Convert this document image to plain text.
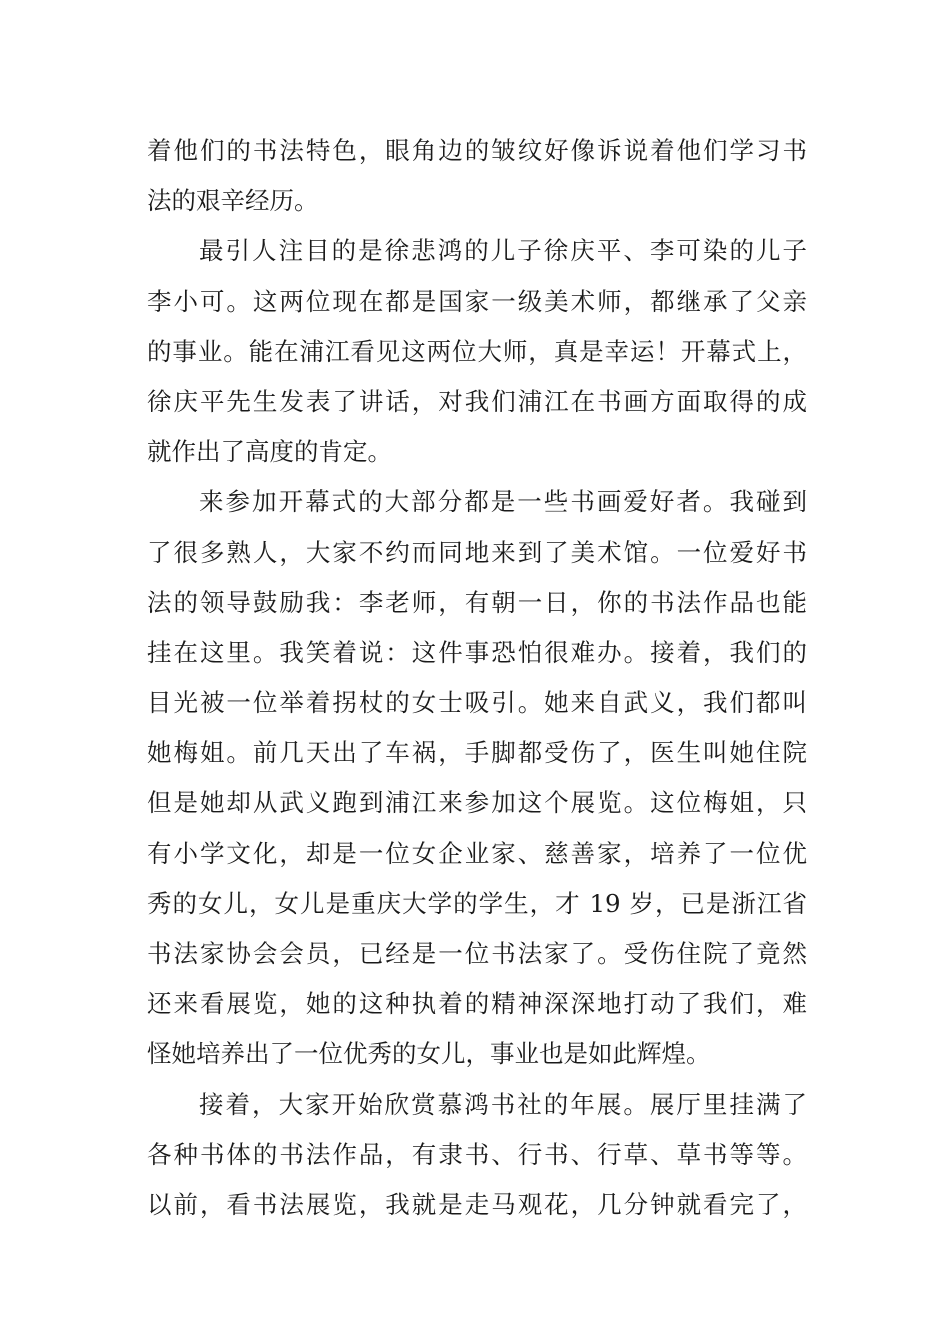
着他们的书法特色，眼角边的皱纹好像诉说着他们学习书
法的艰辛经历。
最引人注目的是徐悲鸿的儿子徐庆平、李可染的儿子
李小可。这两位现在都是国家一级美术师，都继承了父亲
的事业。能在浦江看见这两位大师，真是幸运！开幕式上，
徐庆平先生发表了讲话，对我们浦江在书画方面取得的成
就作出了高度的肯定。
来参加开幕式的大部分都是一些书画爱好者。我碰到
了很多熟人，大家不约而同地来到了美术馆。一位爱好书
法的领导鼓励我：李老师，有朝一日，你的书法作品也能
挂在这里。我笑着说：这件事恐怕很难办。接着，我们的
目光被一位举着拐杖的女士吸引。她来自武义，我们都叫
她梅姐。前几天出了车祸，手脚都受伤了，医生叫她住院
但是她却从武义跑到浦江来参加这个展览。这位梅姐，只
有小学文化，却是一位女企业家、慈善家，培养了一位优
秀的女儿，女儿是重庆大学的学生，才 19 岁，已是浙江省
书法家协会会员，已经是一位书法家了。受伤住院了竟然
还来看展览，她的这种执着的精神深深地打动了我们，难
怪她培养出了一位优秀的女儿，事业也是如此辉煌。
接着，大家开始欣赏慕鸿书社的年展。展厅里挂满了
各种书体的书法作品，有隶书、行书、行草、草书等等。
以前，看书法展览，我就是走马观花，几分钟就看完了，
